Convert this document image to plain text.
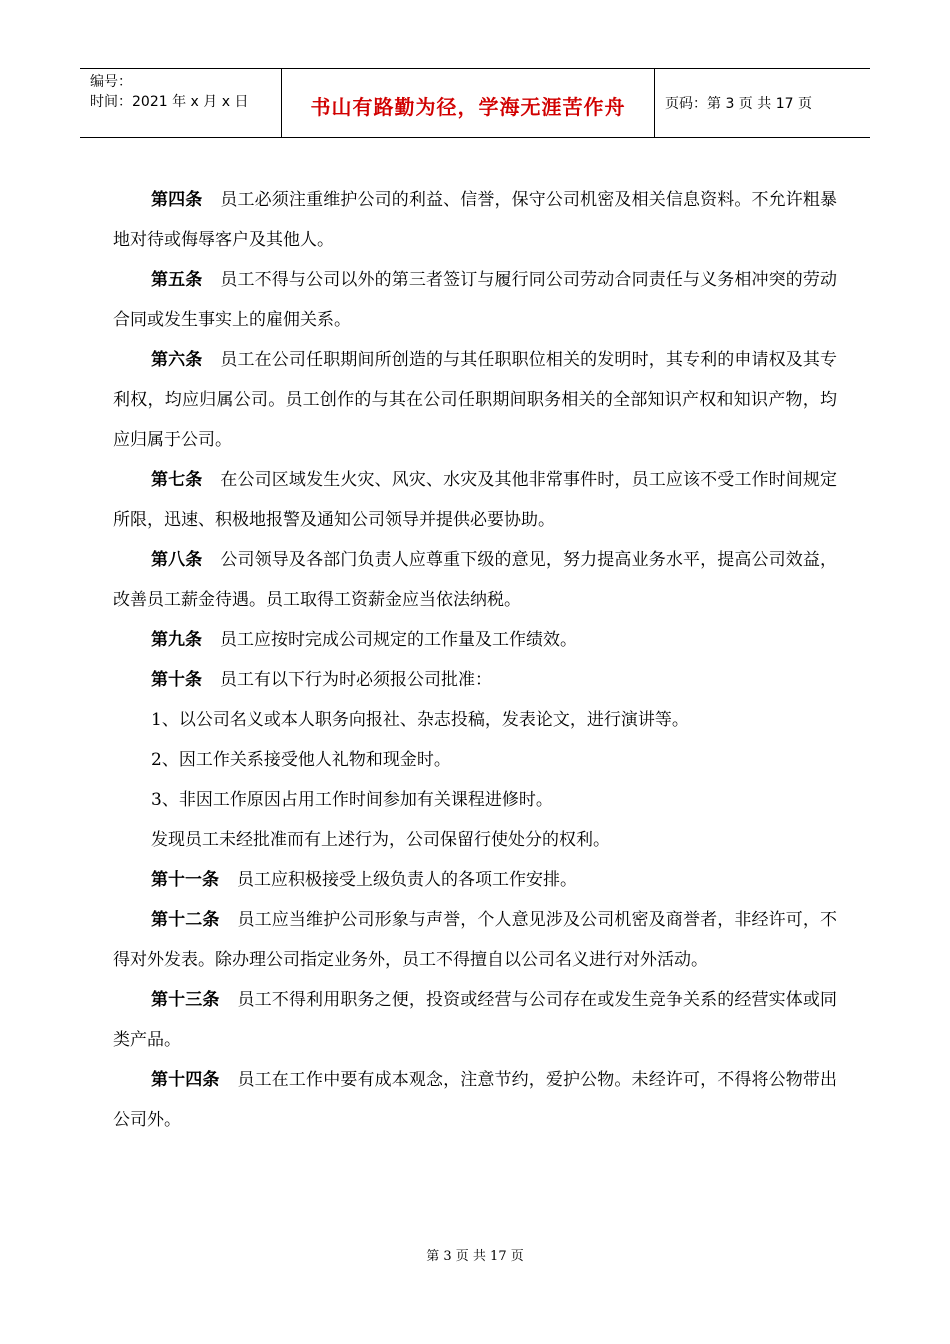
编号：
时间：2021 年 x 月 x 日	书山有路勤为径，学海无涯苦作舟	页码：第 3 页 共 17 页

第四条 员工必须注重维护公司的利益、信誉，保守公司机密及相关信息资料。不允许粗暴地对待或侮辱客户及其他人。

第五条 员工不得与公司以外的第三者签订与履行同公司劳动合同责任与义务相冲突的劳动合同或发生事实上的雇佣关系。

第六条 员工在公司任职期间所创造的与其任职职位相关的发明时，其专利的申请权及其专利权，均应归属公司。员工创作的与其在公司任职期间职务相关的全部知识产权和知识产物，均应归属于公司。

第七条 在公司区域发生火灾、风灾、水灾及其他非常事件时，员工应该不受工作时间规定所限，迅速、积极地报警及通知公司领导并提供必要协助。

第八条 公司领导及各部门负责人应尊重下级的意见，努力提高业务水平，提高公司效益，改善员工薪金待遇。员工取得工资薪金应当依法纳税。

第九条 员工应按时完成公司规定的工作量及工作绩效。

第十条 员工有以下行为时必须报公司批准：

1、以公司名义或本人职务向报社、杂志投稿，发表论文，进行演讲等。

2、因工作关系接受他人礼物和现金时。

3、非因工作原因占用工作时间参加有关课程进修时。

发现员工未经批准而有上述行为，公司保留行使处分的权利。

第十一条 员工应积极接受上级负责人的各项工作安排。

第十二条 员工应当维护公司形象与声誉，个人意见涉及公司机密及商誉者，非经许可，不得对外发表。除办理公司指定业务外，员工不得擅自以公司名义进行对外活动。

第十三条 员工不得利用职务之便，投资或经营与公司存在或发生竞争关系的经营实体或同类产品。

第十四条 员工在工作中要有成本观念，注意节约，爱护公物。未经许可，不得将公物带出公司外。

第 3 页 共 17 页
